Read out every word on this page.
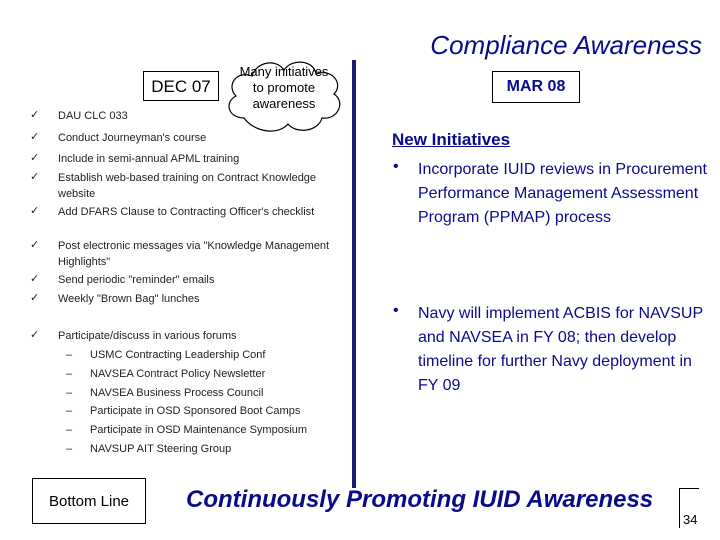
Compliance Awareness
DEC 07
Many initiatives to promote awareness
✓ DAU CLC 033
✓ Conduct Journeyman's course
✓ Include in semi-annual APML training
✓ Establish web-based training on Contract Knowledge website
✓ Add DFARS Clause to Contracting Officer's checklist
✓ Post electronic messages via "Knowledge Management Highlights"
✓ Send periodic "reminder" emails
✓ Weekly "Brown Bag" lunches
✓ Participate/discuss in various forums
– USMC Contracting Leadership Conf
– NAVSEA Contract Policy Newsletter
– NAVSEA Business Process Council
– Participate in OSD Sponsored Boot Camps
– Participate in OSD Maintenance Symposium
– NAVSUP AIT Steering Group
MAR 08
New Initiatives
• Incorporate IUID reviews in Procurement Performance Management Assessment Program (PPMAP) process
• Navy will implement ACBIS for NAVSUP and NAVSEA in FY 08; then develop timeline for further Navy deployment in FY 09
Bottom Line	Continuously Promoting IUID Awareness
34
